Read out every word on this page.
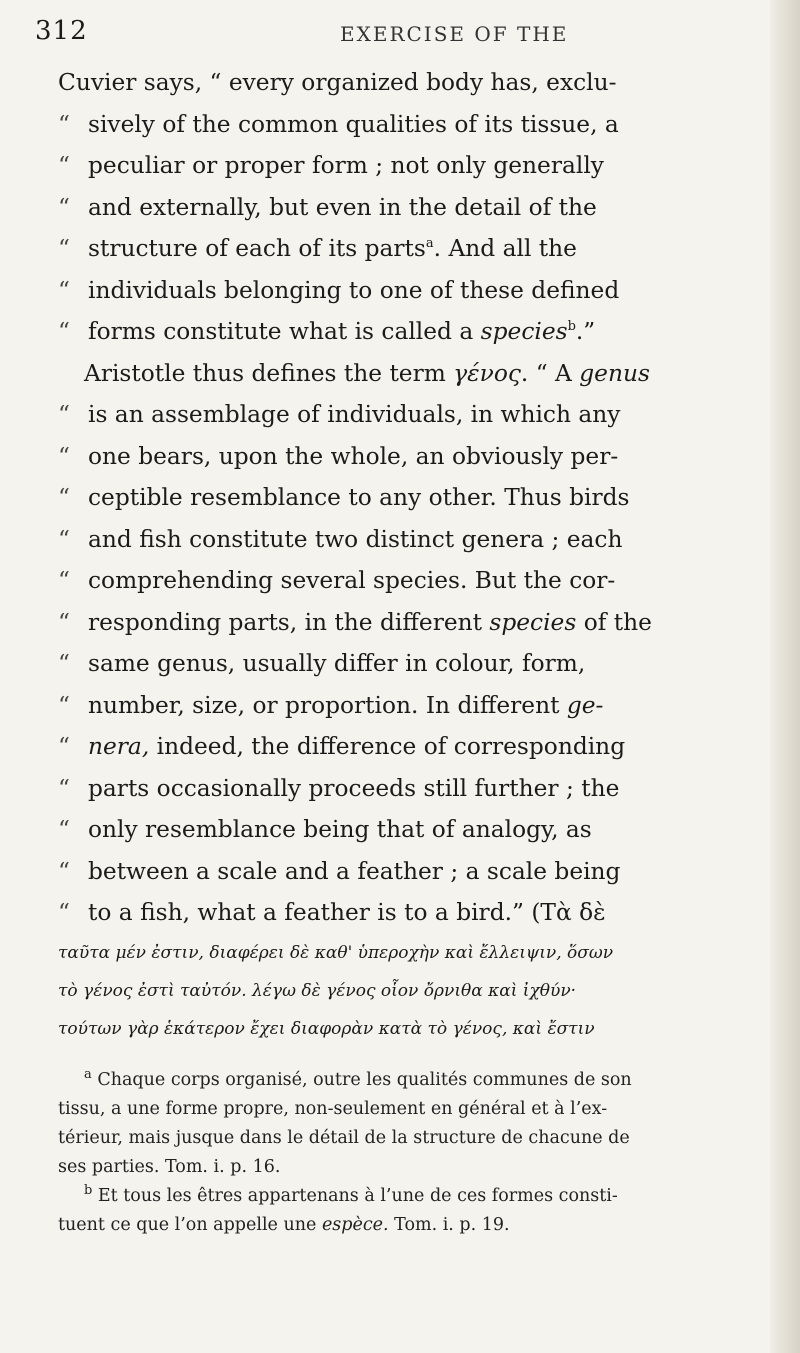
312	EXERCISE OF THE
Cuvier says, “ every organized body has, exclu-
“ sively of the common qualities of its tissue, a
“ peculiar or proper form ; not only generally
“ and externally, but even in the detail of the
“ structure of each of its parts$^a$. And all the
“ individuals belonging to one of these defined
“ forms constitute what is called a species$^b$.”
Aristotle thus defines the term γένος. “ A genus
“ is an assemblage of individuals, in which any
“ one bears, upon the whole, an obviously per-
“ ceptible resemblance to any other. Thus birds
“ and fish constitute two distinct genera ; each
“ comprehending several species. But the cor-
“ responding parts, in the different species of the
“ same genus, usually differ in colour, form,
“ number, size, or proportion. In different ge-
“ nera, indeed, the difference of corresponding
“ parts occasionally proceeds still further ; the
“ only resemblance being that of analogy, as
“ between a scale and a feather ; a scale being
“ to a fish, what a feather is to a bird.” (Τὰ δὲ
ταῦτα μέν ἐστιν, διαφέρει δὲ καθ' ὑπεροχὴν καὶ ἔλλειψιν, ὅσων
τὸ γένος ἐστὶ ταὐτόν. λέγω δὲ γένος οἷον ὄρνιθα καὶ ἰχθύν·
τούτων γὰρ ἑκάτερον ἔχει διαφορὰν κατὰ τὸ γένος, καὶ ἔστιν
$^a$ Chaque corps organisé, outre les qualités communes de son
tissu, a une forme propre, non-seulement en général et à l’ex-
térieur, mais jusque dans le détail de la structure de chacune de
ses parties. Tom. i. p. 16.
$^b$ Et tous les êtres appartenans à l’une de ces formes consti-
tuent ce que l’on appelle une espèce. Tom. i. p. 19.
